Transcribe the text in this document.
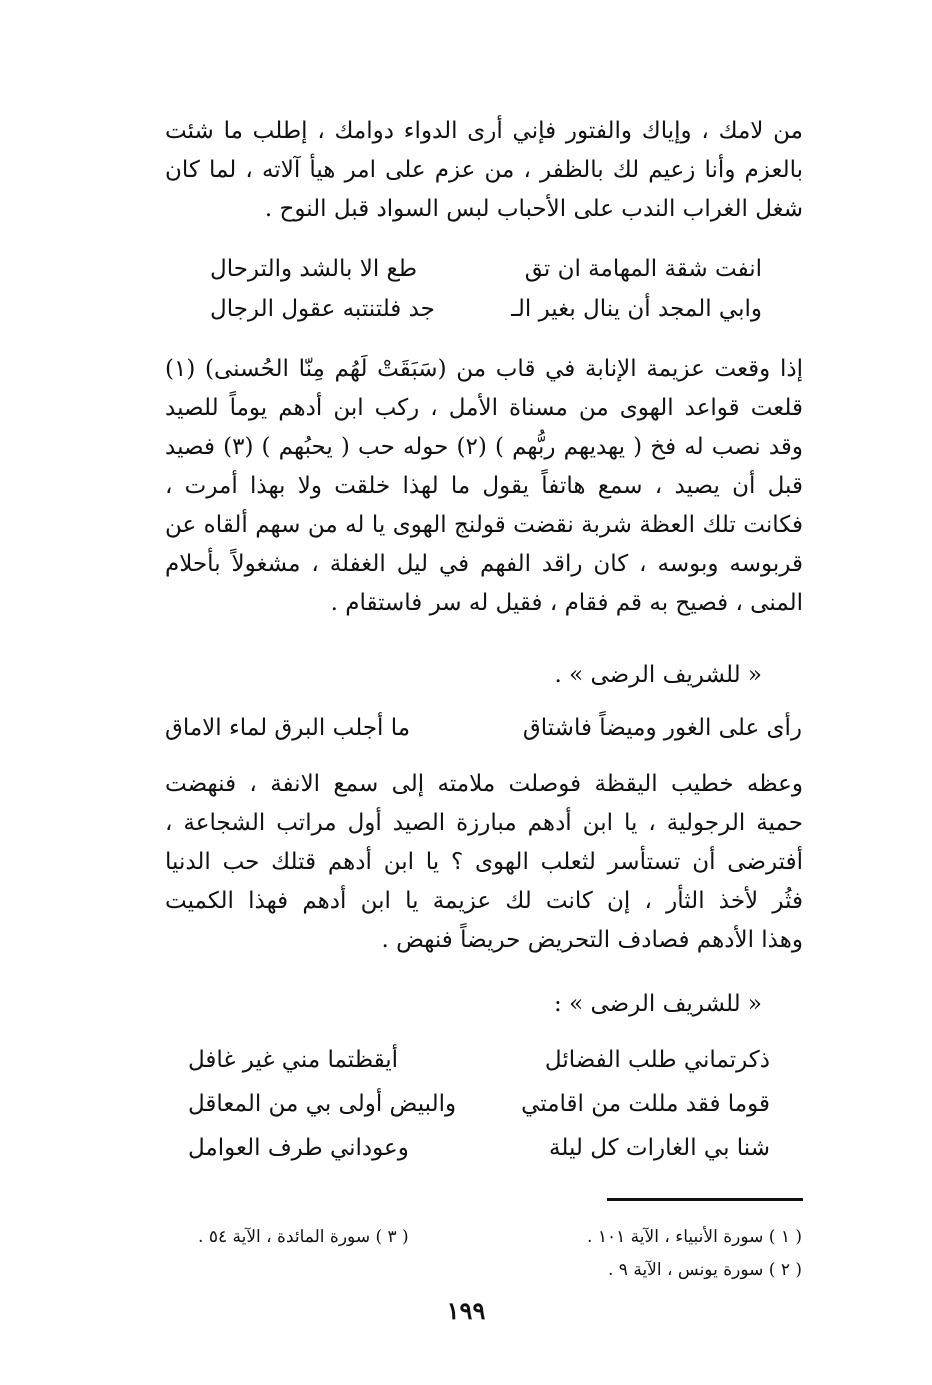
من لامك ، وإياك والفتور فإني أرى الدواء دوامك ، إطلب ما شئت
بالعزم وأنا زعيم لك بالظفر ، من عزم على امر هيأ آلاته ، لما كان
شغل الغراب الندب على الأحباب لبس السواد قبل النوح .
انفت شقة المهامة ان تق
طع الا بالشد والترحال
وابي المجد أن ينال بغير الـ
جد فلتنتبه عقول الرجال
إذا وقعت عزيمة الإنابة في قاب من (سَبَقَتْ لَهُم مِنّا الحُسنى) (١)
قلعت قواعد الهوى من مسناة الأمل ، ركب ابن أدهم يوماً للصيد
وقد نصب له فخ ( يهديهم ربُّهم ) (٢) حوله حب ( يحبُهم ) (٣) فصيد
قبل أن يصيد ، سمع هاتفاً يقول ما لهذا خلقت ولا بهذا أمرت ،
فكانت تلك العظة شربة نقضت قولنج الهوى يا له من سهم ألقاه عن
قربوسه وبوسه ، كان راقد الفهم في ليل الغفلة ، مشغولاً بأحلام
المنى ، فصيح به قم فقام ، فقيل له سر فاستقام .
« للشريف الرضى » .
رأى على الغور وميضاً فاشتاق
ما أجلب البرق لماء الاماق
وعظه خطيب اليقظة فوصلت ملامته إلى سمع الانفة ، فنهضت
حمية الرجولية ، يا ابن أدهم مبارزة الصيد أول مراتب الشجاعة ،
أفترضى أن تستأسر لثعلب الهوى ؟ يا ابن أدهم قتلك حب الدنيا
فثُر لأخذ الثأر ، إن كانت لك عزيمة يا ابن أدهم فهذا الكميت
وهذا الأدهم فصادف التحريض حريضاً فنهض .
« للشريف الرضى » :
ذكرتماني طلب الفضائل
أيقظتما مني غير غافل
قوما فقد مللت من اقامتي
والبيض أولى بي من المعاقل
شنا بي الغارات كل ليلة
وعوداني طرف العوامل
( ١ ) سورة الأنبياء ، الآية ١٠١ .
( ٢ ) سورة يونس ، الآية ٩ .
( ٣ ) سورة المائدة ، الآية ٥٤ .
١٩٩
